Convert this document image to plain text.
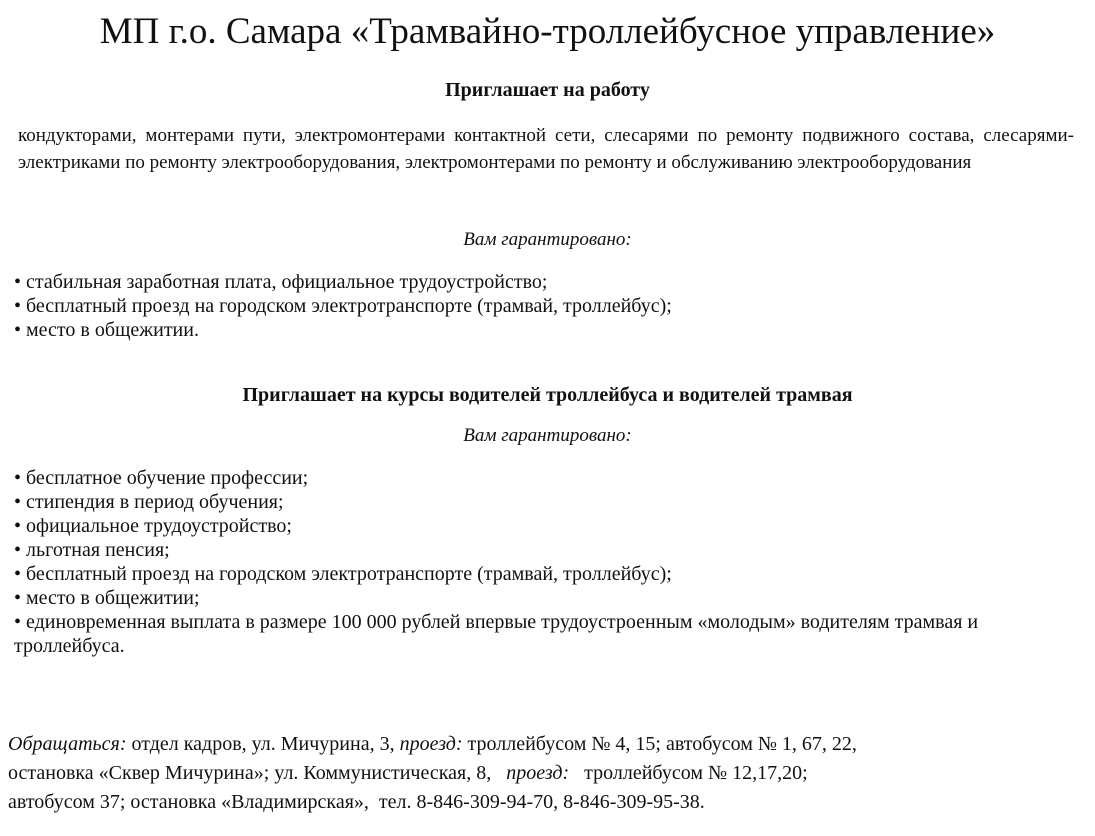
МП г.о. Самара «Трамвайно-троллейбусное управление»
Приглашает на работу
кондукторами, монтерами пути, электромонтерами контактной сети, слесарями по ремонту подвижного состава, слесарями-электриками по ремонту электрооборудования, электромонтерами по ремонту и обслуживанию электрооборудования
Вам гарантировано:
• стабильная заработная плата, официальное трудоустройство;
• бесплатный проезд на городском электротранспорте (трамвай, троллейбус);
• место в общежитии.
Приглашает на курсы водителей троллейбуса и водителей трамвая
Вам гарантировано:
• бесплатное обучение профессии;
• стипендия в период обучения;
• официальное трудоустройство;
• льготная пенсия;
• бесплатный проезд на городском электротранспорте (трамвай, троллейбус);
• место в общежитии;
• единовременная выплата в размере 100 000 рублей впервые трудоустроенным «молодым» водителям трамвая и троллейбуса.
Обращаться: отдел кадров, ул. Мичурина, 3, проезд: троллейбусом № 4, 15; автобусом № 1, 67, 22,
остановка «Сквер Мичурина»; ул. Коммунистическая, 8, проезд: троллейбусом № 12,17,20;
автобусом 37; остановка «Владимирская», тел. 8-846-309-94-70, 8-846-309-95-38.
